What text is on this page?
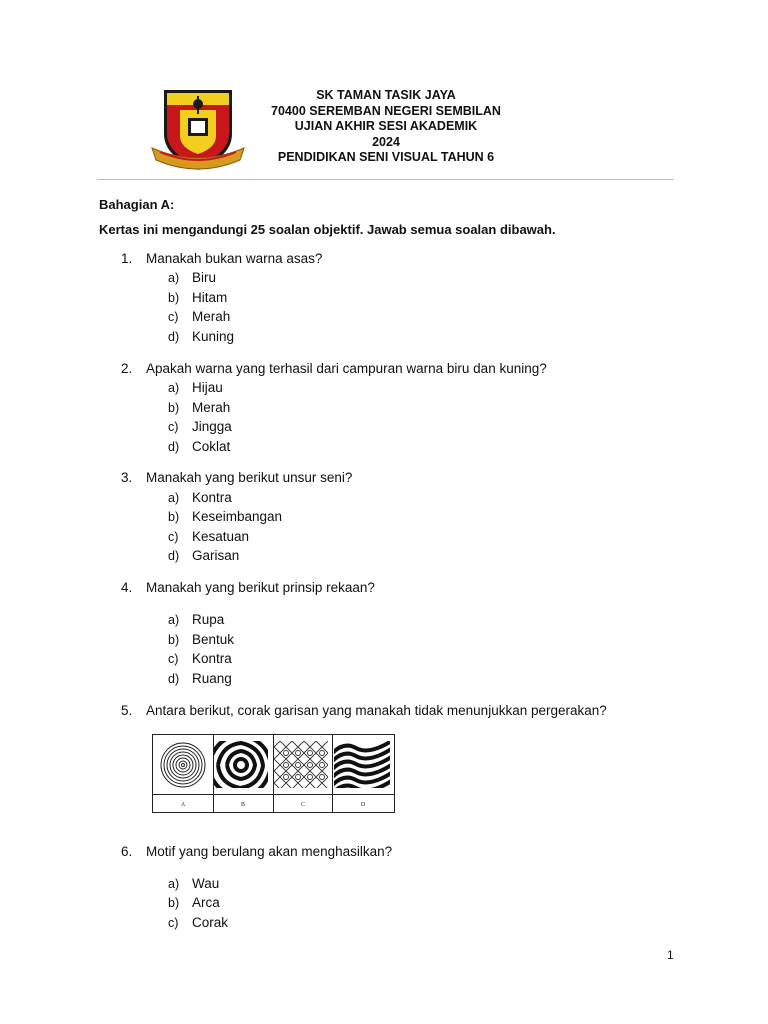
SK TAMAN TASIK JAYA
70400 SEREMBAN NEGERI SEMBILAN
UJIAN AKHIR SESI AKADEMIK
2024
PENDIDIKAN SENI VISUAL TAHUN 6
Bahagian A:
Kertas ini mengandungi 25 soalan objektif. Jawab semua soalan dibawah.
1. Manakah bukan warna asas?
a) Biru
b) Hitam
c) Merah
d) Kuning
2. Apakah warna yang terhasil dari campuran warna biru dan kuning?
a) Hijau
b) Merah
c) Jingga
d) Coklat
3. Manakah yang berikut unsur seni?
a) Kontra
b) Keseimbangan
c) Kesatuan
d) Garisan
4. Manakah yang berikut prinsip rekaan?
a) Rupa
b) Bentuk
c) Kontra
d) Ruang
5. Antara berikut, corak garisan yang manakah tidak menunjukkan pergerakan?
A	B	C	D
6. Motif yang berulang akan menghasilkan?
a) Wau
b) Arca
c) Corak
1
